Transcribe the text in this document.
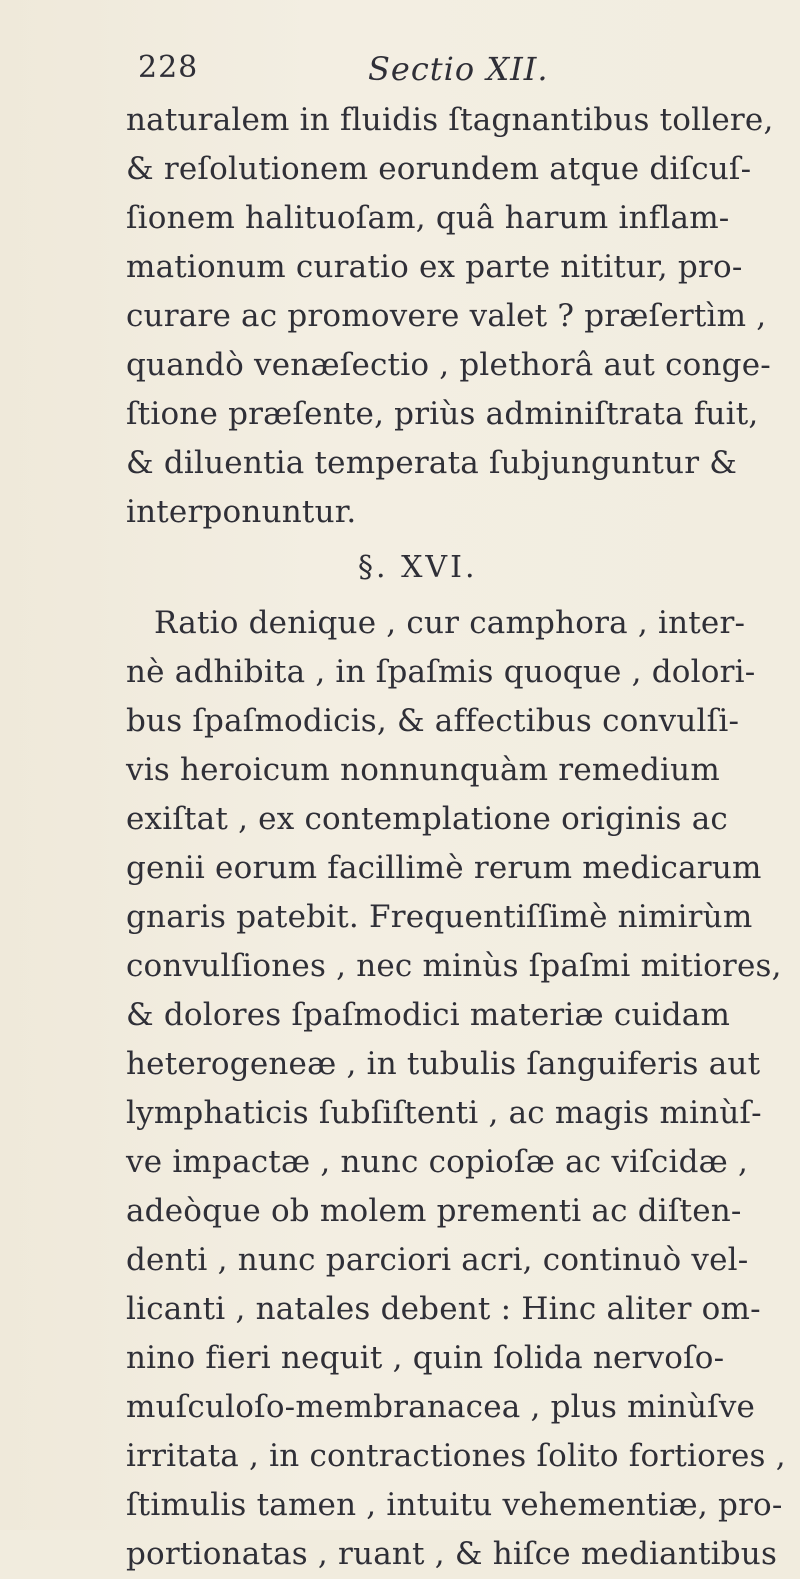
228	Sectio XII.
naturalem in fluidis ſtagnantibus tollere,
& reſolutionem eorundem atque diſcuſ-
ſionem halituoſam, quâ harum inflam-
mationum curatio ex parte nititur, pro-
curare ac promovere valet ? præſertìm ,
quandò venæſectio , plethorâ aut conge-
ſtione præſente, priùs adminiſtrata fuit,
& diluentia temperata ſubjunguntur &
interponuntur.
§. XVI.
Ratio denique , cur camphora , inter-
nè adhibita , in ſpaſmis quoque , dolori-
bus ſpaſmodicis, & affectibus convulſi-
vis heroicum nonnunquàm remedium
exiſtat , ex contemplatione originis ac
genii eorum facillimè rerum medicarum
gnaris patebit. Frequentiſſimè nimirùm
convulſiones , nec minùs ſpaſmi mitiores,
& dolores ſpaſmodici materiæ cuidam
heterogeneæ , in tubulis ſanguiferis aut
lymphaticis ſubſiſtenti , ac magis minùſ-
ve impactæ , nunc copioſæ ac viſcidæ ,
adeòque ob molem prementi ac diſten-
denti , nunc parciori acri, continuò vel-
licanti , natales debent : Hinc aliter om-
nino fieri nequit , quin ſolida nervoſo-
muſculoſo-membranacea , plus minùſve
irritata , in contractiones ſolito fortiores ,
ſtimulis tamen , intuitu vehementiæ, pro-
portionatas , ruant , & hiſce mediantibus
